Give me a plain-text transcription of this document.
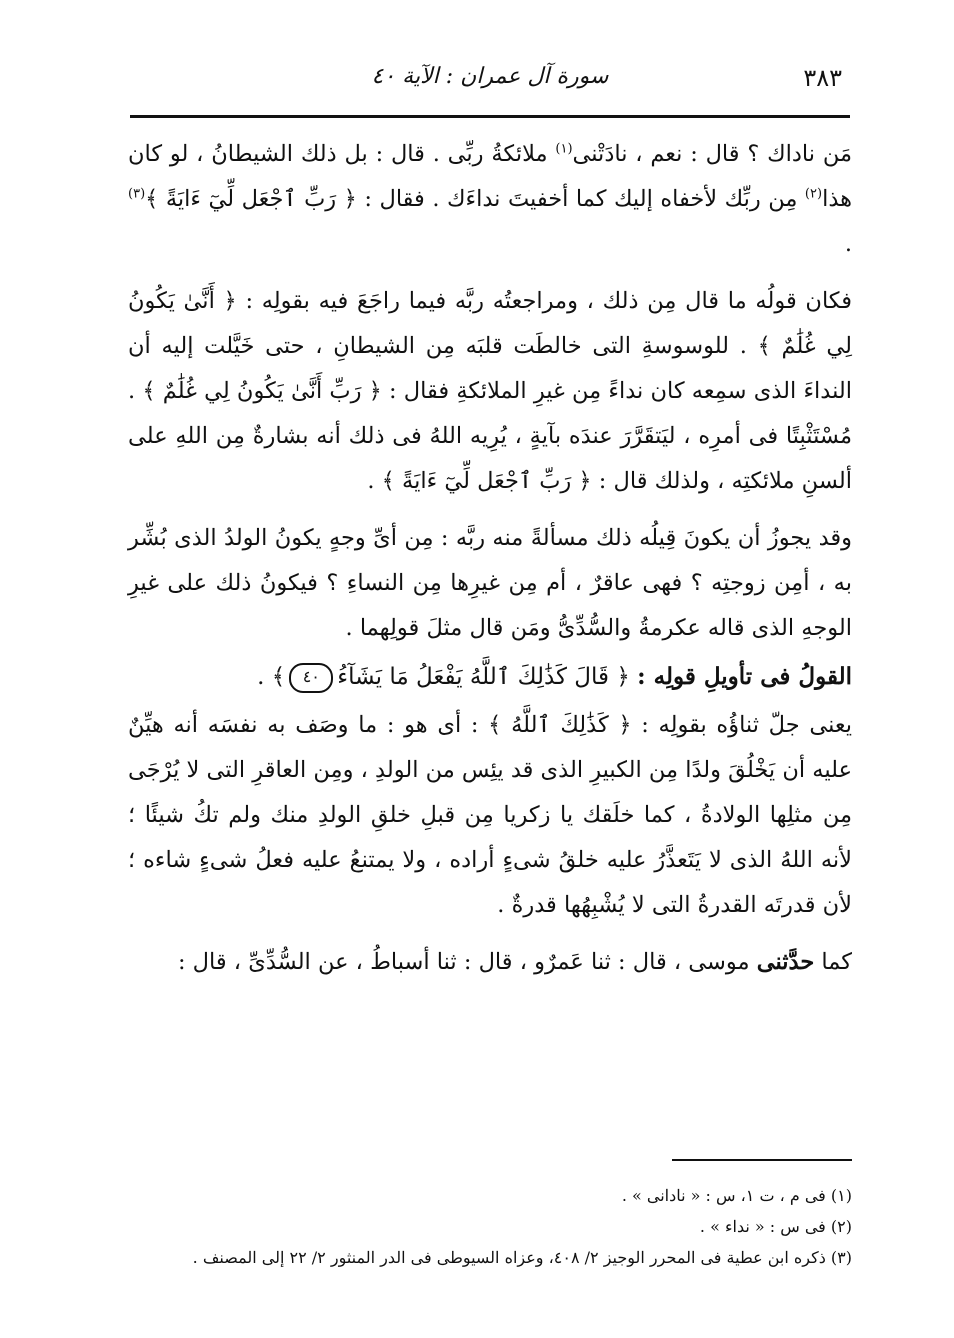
٣٨٣
سورة آل عمران : الآية ٤٠

مَن ناداك ؟ قال : نعم ، نادَتْنى$^{(١)}$ ملائكةُ ربِّى . قال : بل ذلك الشيطانُ ، لو كان هذا$^{(٢)}$ مِن ربِّك لأخفاه إليك كما أخفيتَ نداءَك . فقال : ﴿ رَبِّ ٱجْعَل لِّيٓ ءَايَةً ﴾$^{(٣)}$ .

فكان قولُه ما قال مِن ذلك ، ومراجعتُه ربَّه فيما راجَعَ فيه بقولِه : ﴿ أَنَّىٰ يَكُونُ لِي غُلَٰمٌ ﴾ . للوسوسةِ التى خالطَت قلبَه مِن الشيطانِ ، حتى خَيَّلت إليه أن النداءَ الذى سمِعه كان نداءً مِن غيرِ الملائكةِ فقال : ﴿ رَبِّ أَنَّىٰ يَكُونُ لِي غُلَٰمٌ ﴾ . مُسْتَثْبِتًا فى أمرِه ، ليَتقَرَّرَ عندَه بآيةٍ ، يُرِيه اللهُ فى ذلك أنه بشارةٌ مِن اللهِ على ألسنِ ملائكتِه ، ولذلك قال : ﴿ رَبِّ ٱجْعَل لِّيٓ ءَايَةً ﴾ .

وقد يجوزُ أن يكونَ قِيلُه ذلك مسألةً منه ربَّه : مِن أىِّ وجهٍ يكونُ الولدُ الذى بُشِّر به ، أمِن زوجتِه ؟ فهى عاقرٌ ، أم مِن غيرِها مِن النساءِ ؟ فيكونُ ذلك على غيرِ الوجهِ الذى قاله عكرمةُ والسُّدِّىُّ ومَن قال مثلَ قولِهما .

القولُ فى تأويلِ قولِه : ﴿ قَالَ كَذَٰلِكَ ٱللَّهُ يَفْعَلُ مَا يَشَآءُ٤٠﴾ .

يعنى جلّ ثناؤُه بقولِه : ﴿ كَذَٰلِكَ ٱللَّهُ ﴾ : أى هو : ما وصَف به نفسَه أنه هيِّنٌ عليه أن يَخْلُقَ ولدًا مِن الكبيرِ الذى قد يئِس من الولدِ ، ومِن العاقرِ التى لا يُرْجَى مِن مثلِها الولادةُ ، كما خلَقك يا زكريا مِن قبلِ خلقِ الولدِ منك ولم تكُ شيئًا ؛ لأنه اللهُ الذى لا يَتَعذَّرُ عليه خلقُ شىءٍ أراده ، ولا يمتنعُ عليه فعلُ شىءٍ شاءه ؛ لأن قدرتَه القدرةُ التى لا يُشْبِهُها قدرةٌ .

كما حدَّثنى موسى ، قال : ثنا عَمرٌو ، قال : ثنا أسباطُ ، عن السُّدِّىِّ ، قال :

(١) فى م ، ت ١، س : « نادانى » .

(٢) فى س : « نداء » .

(٣) ذكره ابن عطية فى المحرر الوجيز ٢/ ٤٠٨، وعزاه السيوطى فى الدر المنثور ٢/ ٢٢ إلى المصنف .
